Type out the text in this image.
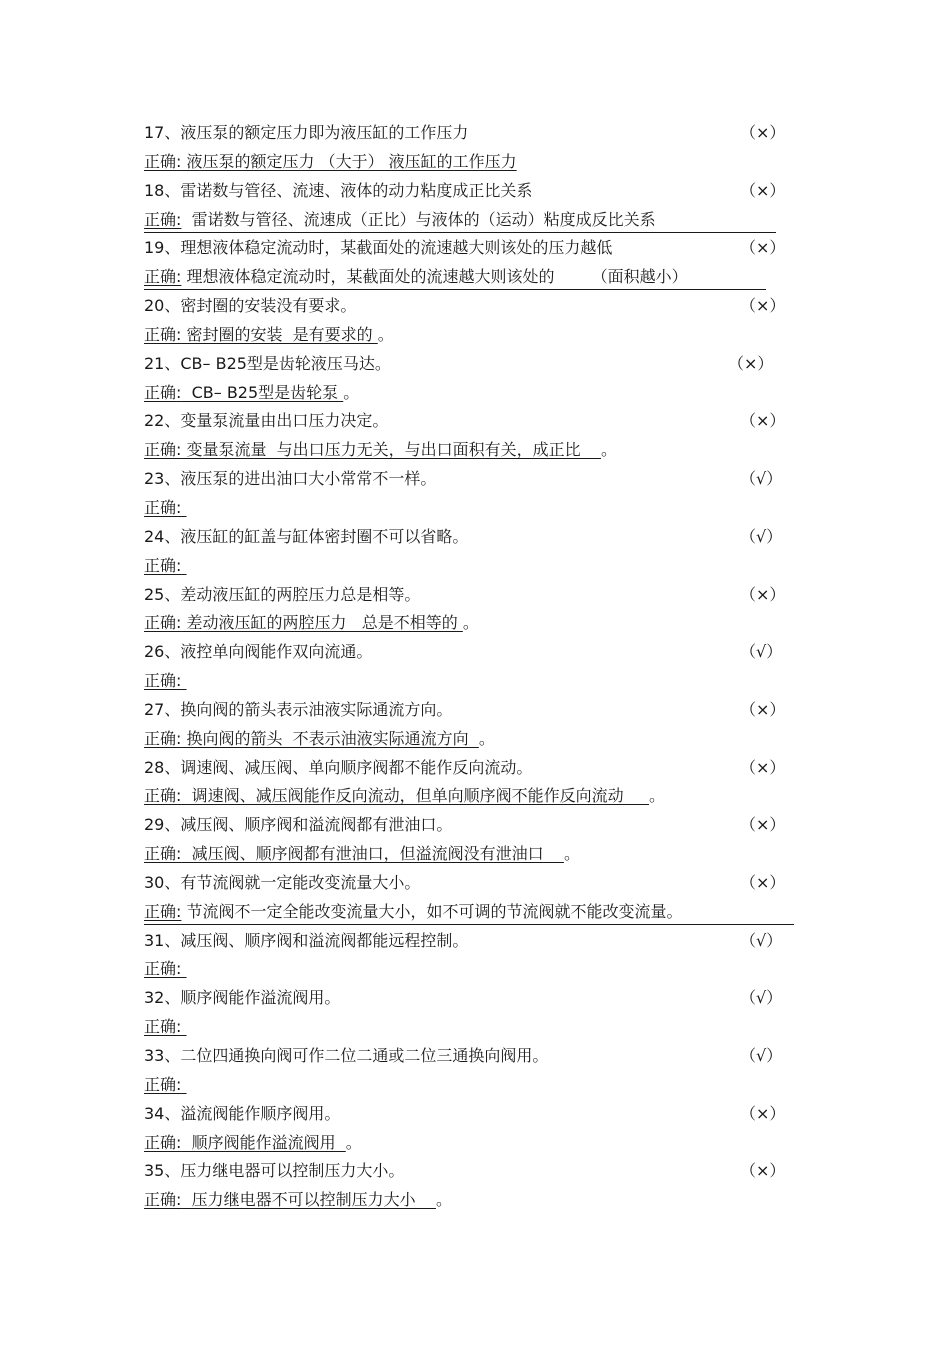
17、液压泵的额定压力即为液压缸的工作压力	（×）
正确: 液压泵的额定压力 （大于） 液压缸的工作压力
18、雷诺数与管径、流速、液体的动力粘度成正比关系	（×）
正确:  雷诺数与管径、流速成（正比）与液体的（运动）粘度成反比关系
19、理想液体稳定流动时，某截面处的流速越大则该处的压力越低	（×）
正确: 理想液体稳定流动时，某截面处的流速越大则该处的　　 （面积越小）
20、密封圈的安装没有要求。	（×）
正确: 密封圈的安装  是有要求的 。
21、CB– B25型是齿轮液压马达。	（×）
正确:  CB– B25型是齿轮泵 。
22、变量泵流量由出口压力决定。	（×）
正确: 变量泵流量  与出口压力无关，与出口面积有关，成正比    。
23、液压泵的进出油口大小常常不一样。	（√）
正确:
24、液压缸的缸盖与缸体密封圈不可以省略。	（√）
正确:
25、差动液压缸的两腔压力总是相等。	（×）
正确: 差动液压缸的两腔压力   总是不相等的 。
26、液控单向阀能作双向流通。	（√）
正确:
27、换向阀的箭头表示油液实际通流方向。	（×）
正确: 换向阀的箭头  不表示油液实际通流方向  。
28、调速阀、减压阀、单向顺序阀都不能作反向流动。	（×）
正确:  调速阀、减压阀能作反向流动，但单向顺序阀不能作反向流动     。
29、减压阀、顺序阀和溢流阀都有泄油口。	（×）
正确:  减压阀、顺序阀都有泄油口，但溢流阀没有泄油口    。
30、有节流阀就一定能改变流量大小。	（×）
正确: 节流阀不一定全能改变流量大小，如不可调的节流阀就不能改变流量。
31、减压阀、顺序阀和溢流阀都能远程控制。	（√）
正确:
32、顺序阀能作溢流阀用。	（√）
正确:
33、二位四通换向阀可作二位二通或二位三通换向阀用。	（√）
正确:
34、溢流阀能作顺序阀用。	（×）
正确:  顺序阀能作溢流阀用  。
35、压力继电器可以控制压力大小。	（×）
正确:  压力继电器不可以控制压力大小    。
